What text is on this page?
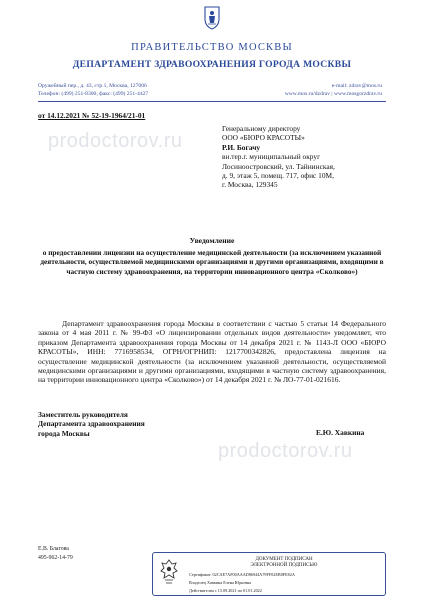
ПРАВИТЕЛЬСТВО МОСКВЫ
ДЕПАРТАМЕНТ ЗДРАВООХРАНЕНИЯ ГОРОДА МОСКВЫ
Оружейный пер., д. 43, стр.1, Москва, 127006
Телефон: (499) 251-8300, факс: (499) 251-4427
e-mail: zdrav@mos.ru
www.mos.ru/dzdrav | www.mosgorzdrav.ru
от 14.12.2021 № 52-19-1964/21-01
Генеральному директору
ООО «БЮРО КРАСОТЫ»
Р.И. Богачу
вн.тер.г. муниципальный округ
Лосиноостровский, ул. Тайнинская,
д. 9, этаж 5, помещ. 717, офис 10М,
г. Москва, 129345
prodoctorov.ru
Уведомление
о предоставлении лицензии на осуществление медицинской деятельности (за исключением указанной деятельности, осуществляемой медицинскими организациями и другими организациями, входящими в частную систему здравоохранения, на территории инновационного центра «Сколково»)
Департамент здравоохранения города Москвы в соответствии с частью 5 статьи 14 Федерального закона от 4 мая 2011 г. № 99-ФЗ «О лицензировании отдельных видов деятельности» уведомляет, что приказом Департамента здравоохранения города Москвы от 14 декабря 2021 г. № 1143-Л ООО «БЮРО КРАСОТЫ», ИНН: 7716958534, ОГРН/ОГРНИП: 1217700342826, предоставлена лицензия на осуществление медицинской деятельности (за исключением указанной деятельности, осуществляемой медицинскими организациями и другими организациями, входящими в частную систему здравоохранения, на территории инновационного центра «Сколково») от 14 декабря 2021 г. № ЛО-77-01-021616.
Заместитель руководителя
Департамента здравоохранения
города Москвы	Е.Ю. Хавкина
prodoctorov.ru
Е.В. Благова
495-962-14-79	ДОКУМЕНТ ПОДПИСАН
ЭЛЕКТРОННОЙ ПОДПИСЬЮ
Сертификат: 02CAE7AF00AAAD86944A79FF02EB0FE82A
Владелец Хавкина Елена Юрьевна
Действителен с 15.09.2021 по 01.01.2022
